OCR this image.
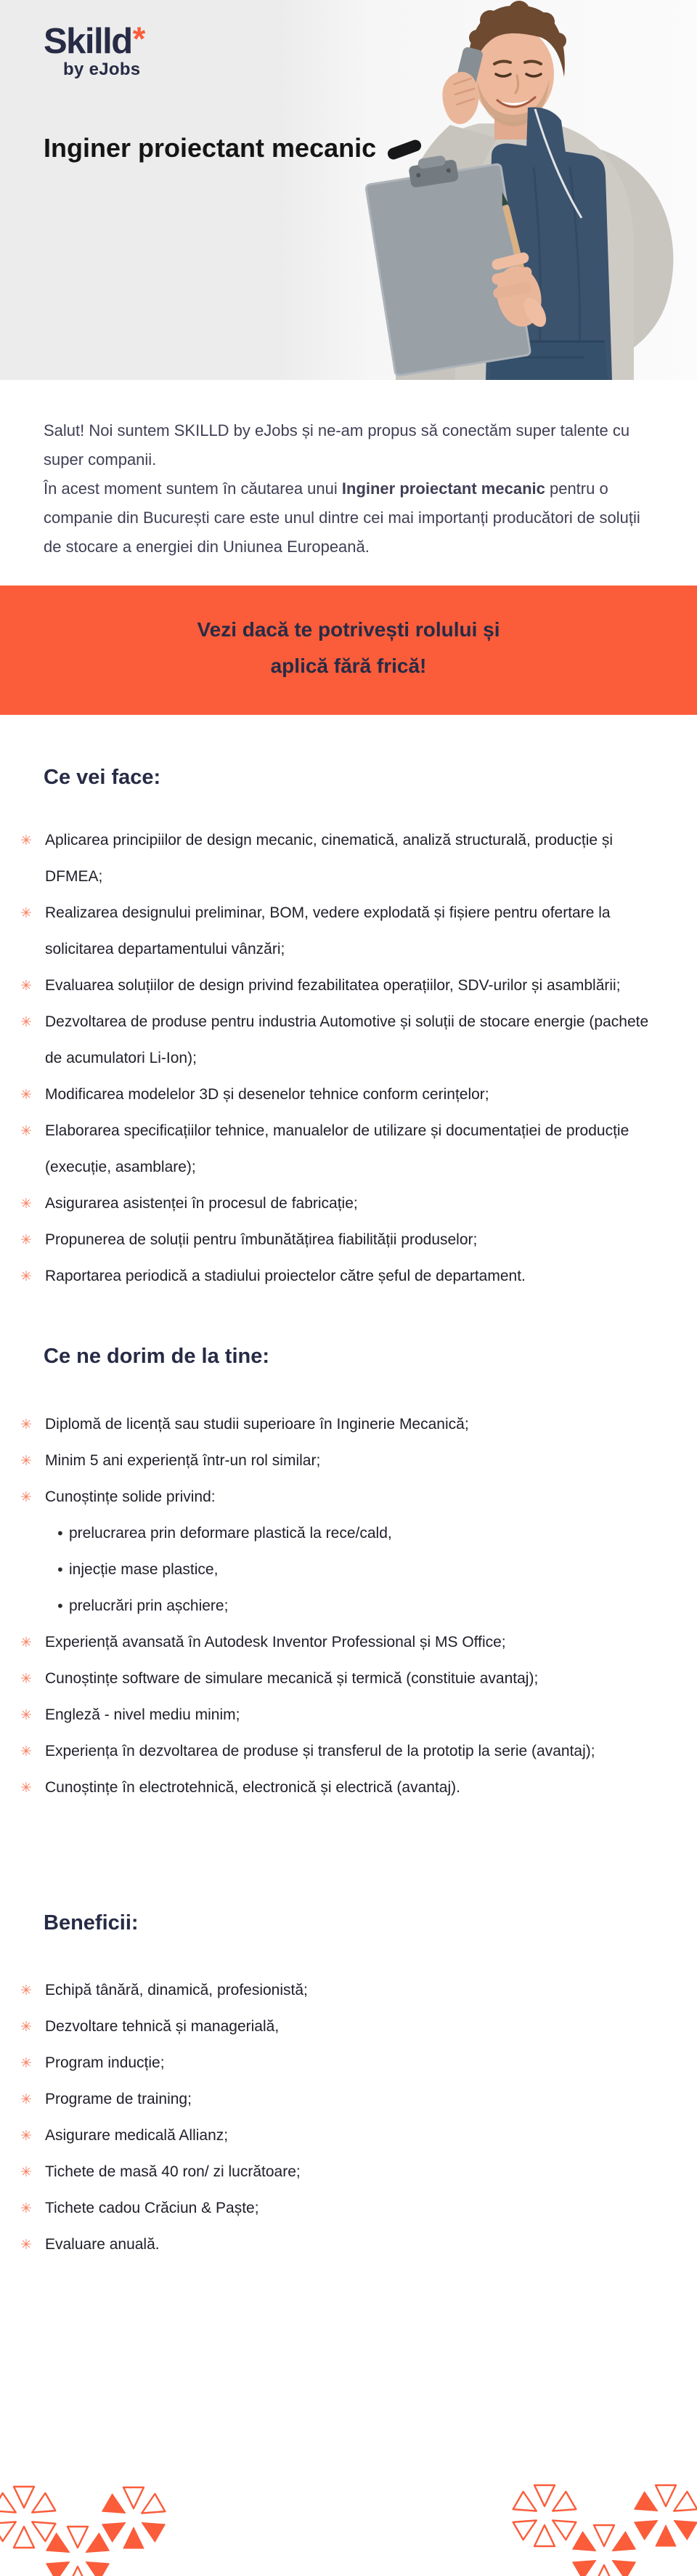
Skilld*
by eJobs
Inginer proiectant mecanic

Salut! Noi suntem SKILLD by eJobs și ne-am propus să conectăm super talente cu super companii.

În acest moment suntem în căutarea unui Inginer proiectant mecanic pentru o companie din București care este unul dintre cei mai importanți producători de soluții de stocare a energiei din Uniunea Europeană.

Vezi dacă te potrivești rolului și
aplică fără frică!
Ce vei face:
✳ Aplicarea principiilor de design mecanic, cinematică, analiză structurală, producție și DFMEA;
✳ Realizarea designului preliminar, BOM, vedere explodată și fișiere pentru ofertare la solicitarea departamentului vânzări;
✳ Evaluarea soluțiilor de design privind fezabilitatea operațiilor, SDV-urilor și asamblării;
✳ Dezvoltarea de produse pentru industria Automotive și soluții de stocare energie (pachete de acumulatori Li-Ion);
✳ Modificarea modelelor 3D și desenelor tehnice conform cerințelor;
✳ Elaborarea specificațiilor tehnice, manualelor de utilizare și documentației de producție (execuție, asamblare);
✳ Asigurarea asistenței în procesul de fabricație;
✳ Propunerea de soluții pentru îmbunătățirea fiabilității produselor;
✳ Raportarea periodică a stadiului proiectelor către șeful de departament.
Ce ne dorim de la tine:
✳ Diplomă de licență sau studii superioare în Inginerie Mecanică;
✳ Minim 5 ani experiență într-un rol similar;
✳ Cunoștințe solide privind:
• prelucrarea prin deformare plastică la rece/cald,
• injecție mase plastice,
• prelucrări prin așchiere;
✳ Experiență avansată în Autodesk Inventor Professional și MS Office;
✳ Cunoștințe software de simulare mecanică și termică (constituie avantaj);
✳ Engleză - nivel mediu minim;
✳ Experiența în dezvoltarea de produse și transferul de la prototip la serie (avantaj);
✳ Cunoștințe în electrotehnică, electronică și electrică (avantaj).
Beneficii:
✳ Echipă tânără, dinamică, profesionistă;
✳ Dezvoltare tehnică și managerială,
✳ Program inducție;
✳ Programe de training;
✳ Asigurare medicală Allianz;
✳ Tichete de masă 40 ron/ zi lucrătoare;
✳ Tichete cadou Crăciun & Paște;
✳ Evaluare anuală.
